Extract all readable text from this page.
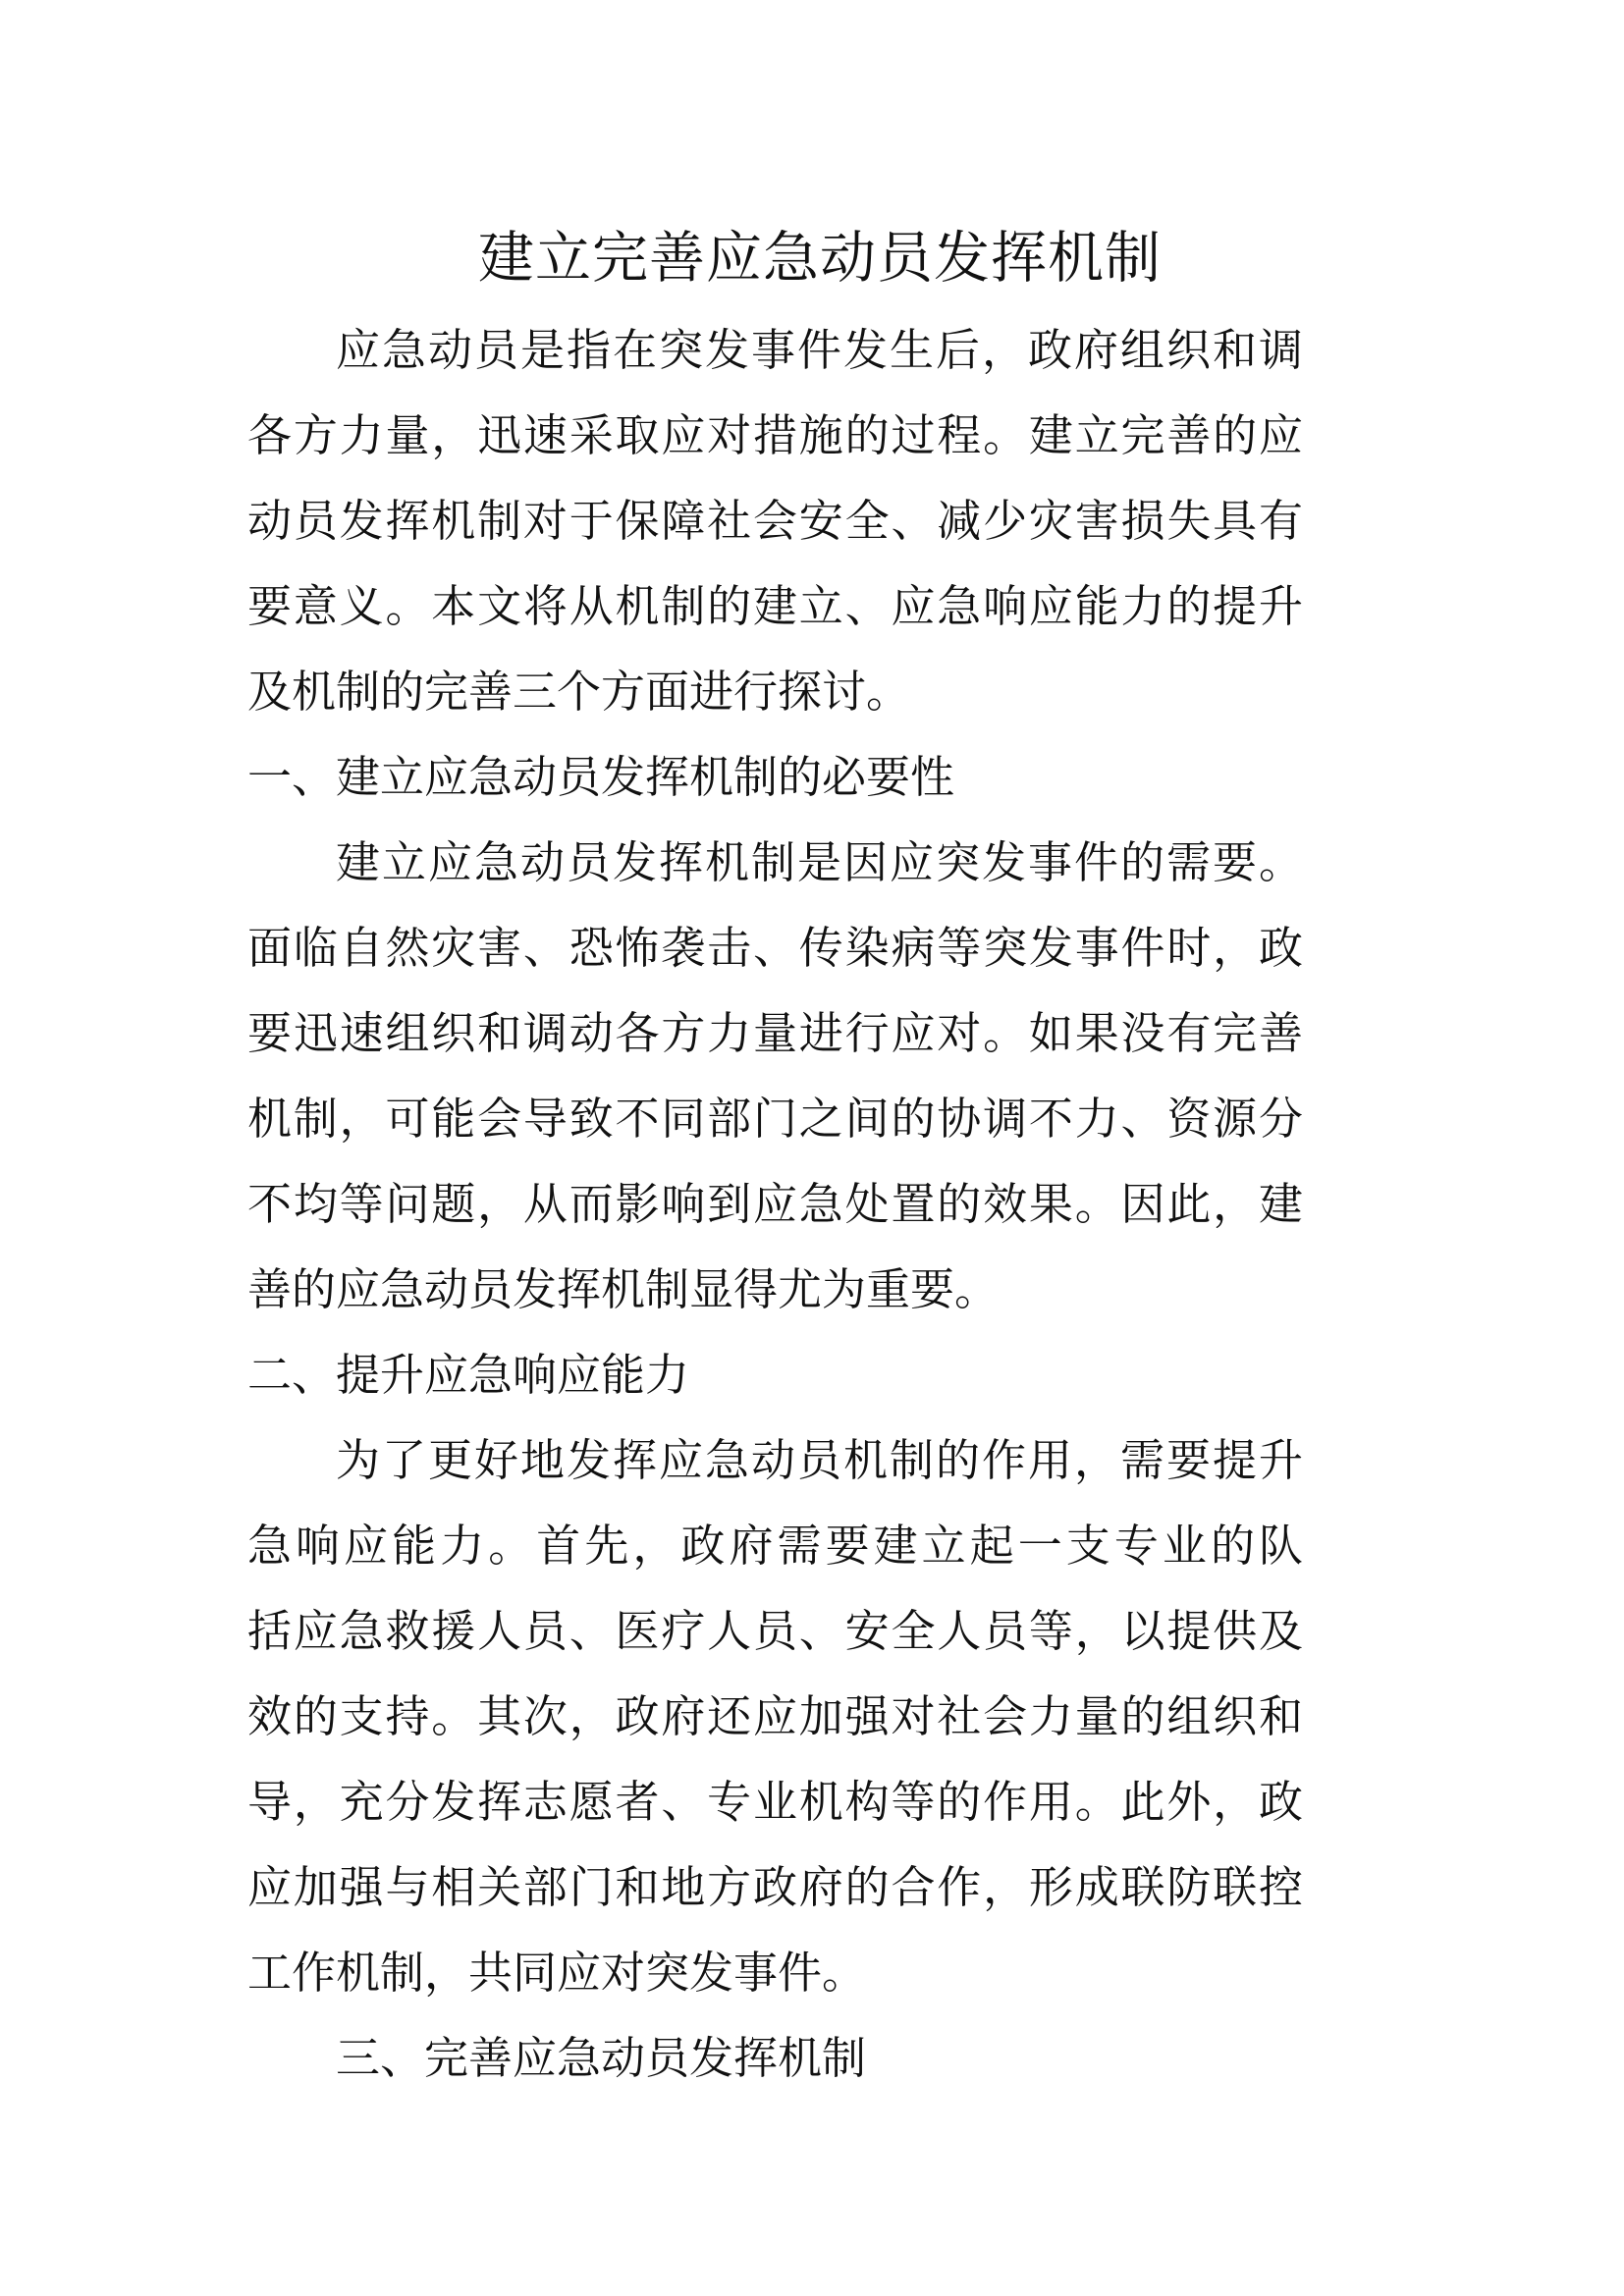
建立完善应急动员发挥机制
应急动员是指在突发事件发生后，政府组织和调
各方力量，迅速采取应对措施的过程。建立完善的应
动员发挥机制对于保障社会安全、减少灾害损失具有
要意义。本文将从机制的建立、应急响应能力的提升
及机制的完善三个方面进行探讨。
一、建立应急动员发挥机制的必要性
建立应急动员发挥机制是因应突发事件的需要。
面临自然灾害、恐怖袭击、传染病等突发事件时，政
要迅速组织和调动各方力量进行应对。如果没有完善
机制，可能会导致不同部门之间的协调不力、资源分
不均等问题，从而影响到应急处置的效果。因此，建
善的应急动员发挥机制显得尤为重要。
二、提升应急响应能力
为了更好地发挥应急动员机制的作用，需要提升
急响应能力。首先，政府需要建立起一支专业的队
括应急救援人员、医疗人员、安全人员等，以提供及
效的支持。其次，政府还应加强对社会力量的组织和
导，充分发挥志愿者、专业机构等的作用。此外，政
应加强与相关部门和地方政府的合作，形成联防联控
工作机制，共同应对突发事件。
三、完善应急动员发挥机制
